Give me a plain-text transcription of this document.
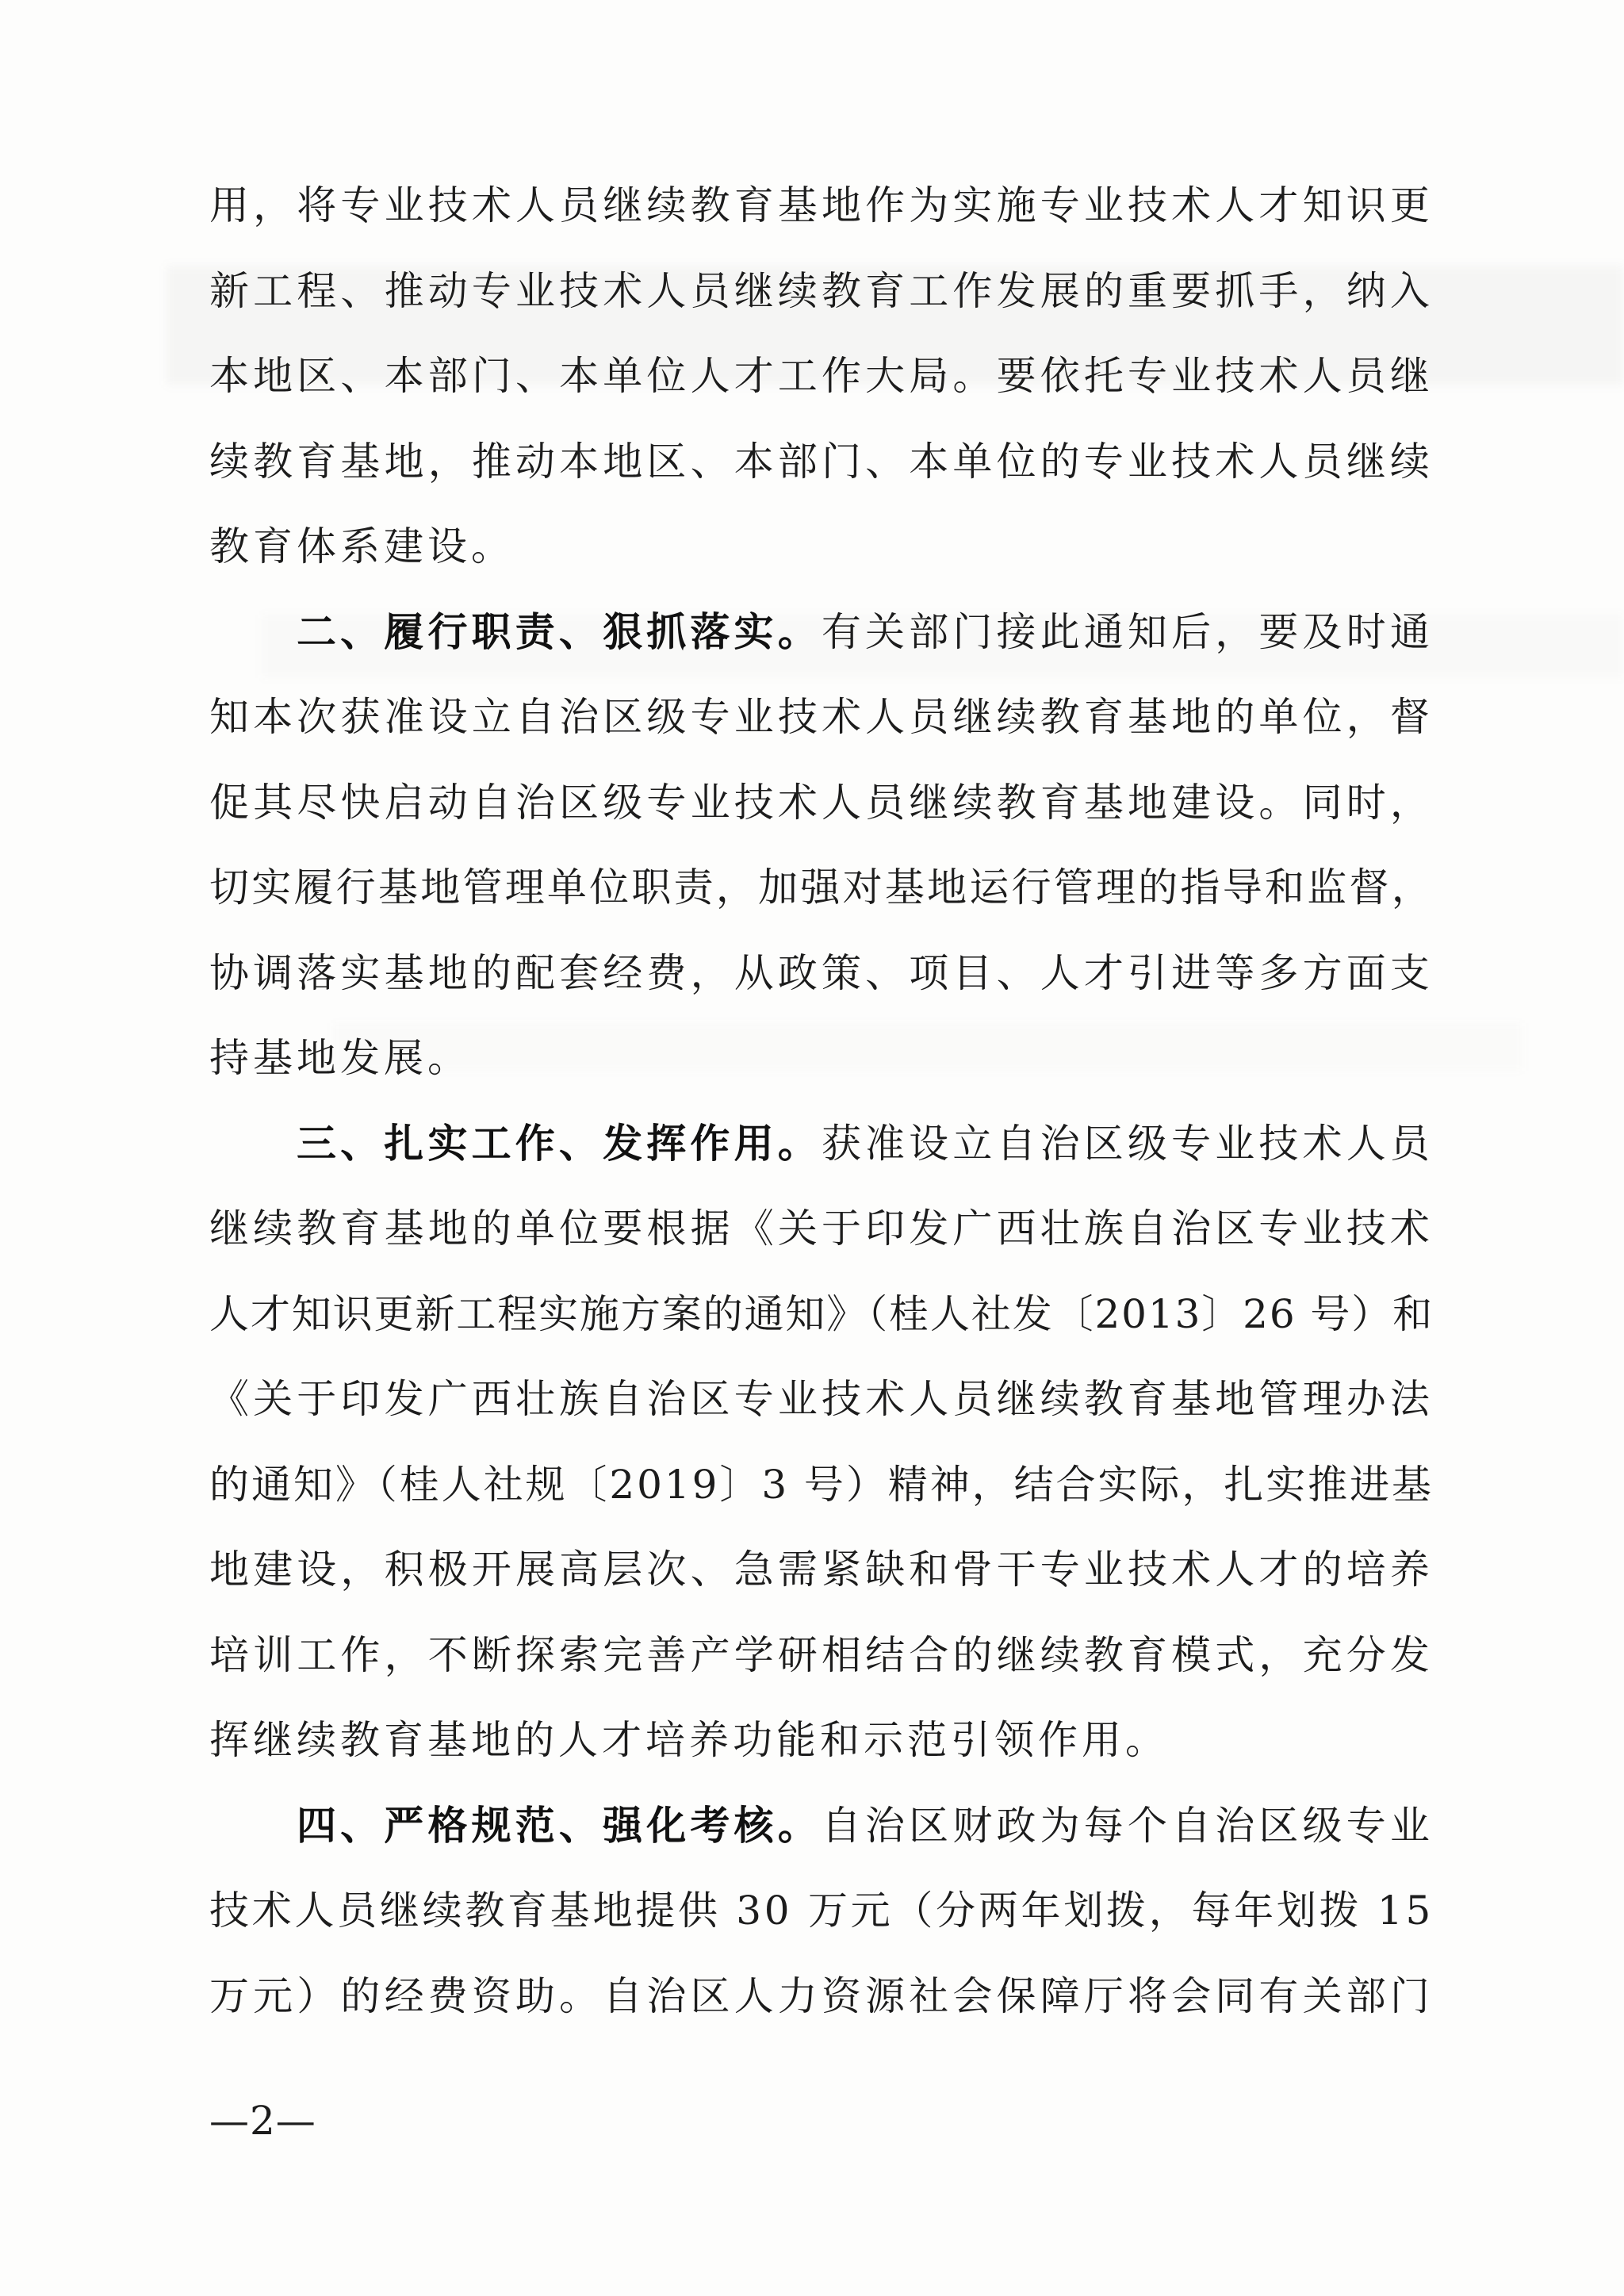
用，将专业技术人员继续教育基地作为实施专业技术人才知识更
新工程、推动专业技术人员继续教育工作发展的重要抓手，纳入
本地区、本部门、本单位人才工作大局。要依托专业技术人员继
续教育基地，推动本地区、本部门、本单位的专业技术人员继续
教育体系建设。
二、履行职责、狠抓落实。有关部门接此通知后，要及时通
知本次获准设立自治区级专业技术人员继续教育基地的单位，督
促其尽快启动自治区级专业技术人员继续教育基地建设。同时，
切实履行基地管理单位职责，加强对基地运行管理的指导和监督，
协调落实基地的配套经费，从政策、项目、人才引进等多方面支
持基地发展。
三、扎实工作、发挥作用。获准设立自治区级专业技术人员
继续教育基地的单位要根据《关于印发广西壮族自治区专业技术
人才知识更新工程实施方案的通知》（桂人社发〔2013〕26 号）和
《关于印发广西壮族自治区专业技术人员继续教育基地管理办法
的通知》（桂人社规〔2019〕3 号）精神，结合实际，扎实推进基
地建设，积极开展高层次、急需紧缺和骨干专业技术人才的培养
培训工作，不断探索完善产学研相结合的继续教育模式，充分发
挥继续教育基地的人才培养功能和示范引领作用。
四、严格规范、强化考核。自治区财政为每个自治区级专业
技术人员继续教育基地提供 30 万元（分两年划拨，每年划拨 15
万元）的经费资助。自治区人力资源社会保障厅将会同有关部门
—2—
